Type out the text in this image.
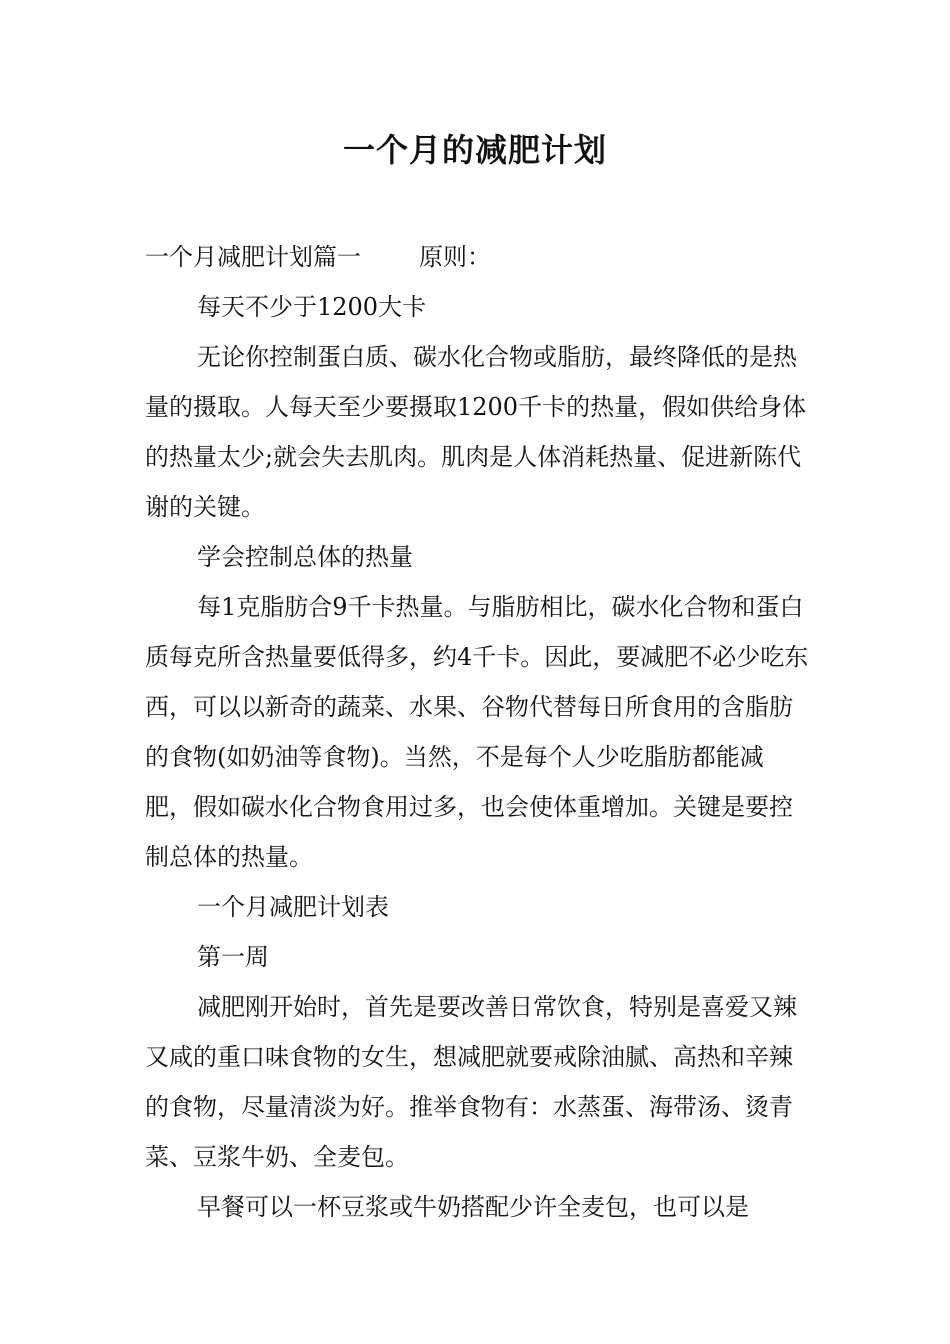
一个月的减肥计划

一个月减肥计划篇一 原则：

每天不少于1200大卡

无论你控制蛋白质、碳水化合物或脂肪，最终降低的是热量的摄取。人每天至少要摄取1200千卡的热量，假如供给身体的热量太少;就会失去肌肉。肌肉是人体消耗热量、促进新陈代谢的关键。

学会控制总体的热量

每1克脂肪合9千卡热量。与脂肪相比，碳水化合物和蛋白质每克所含热量要低得多，约4千卡。因此，要减肥不必少吃东西，可以以新奇的蔬菜、水果、谷物代替每日所食用的含脂肪的食物(如奶油等食物)。当然，不是每个人少吃脂肪都能减肥，假如碳水化合物食用过多，也会使体重增加。关键是要控制总体的热量。

一个月减肥计划表

第一周

减肥刚开始时，首先是要改善日常饮食，特别是喜爱又辣又咸的重口味食物的女生，想减肥就要戒除油腻、高热和辛辣的食物，尽量清淡为好。推举食物有：水蒸蛋、海带汤、烫青菜、豆浆牛奶、全麦包。

早餐可以一杯豆浆或牛奶搭配少许全麦包，也可以是
